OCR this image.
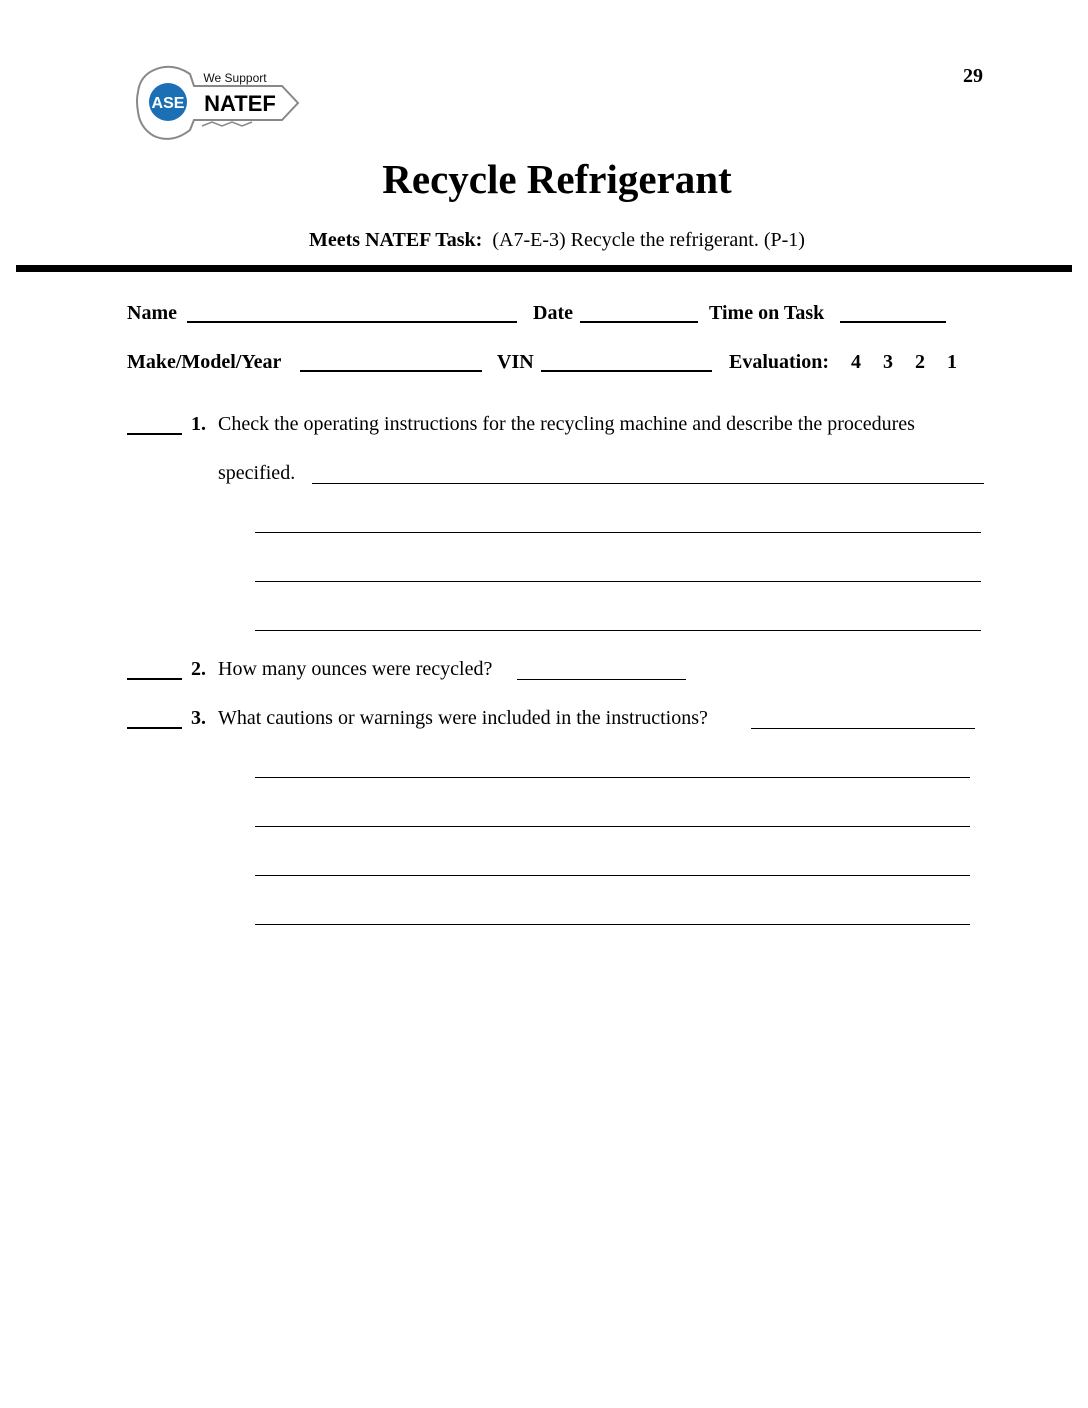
ASE
We Support
NATEF
29
Recycle Refrigerant
Meets NATEF Task: (A7-E-3) Recycle the refrigerant. (P-1)
Name	Date	Time on Task
Make/Model/Year	VIN	Evaluation: 4 3 2 1
1. Check the operating instructions for the recycling machine and describe the procedures
specified.
2. How many ounces were recycled?
3. What cautions or warnings were included in the instructions?
